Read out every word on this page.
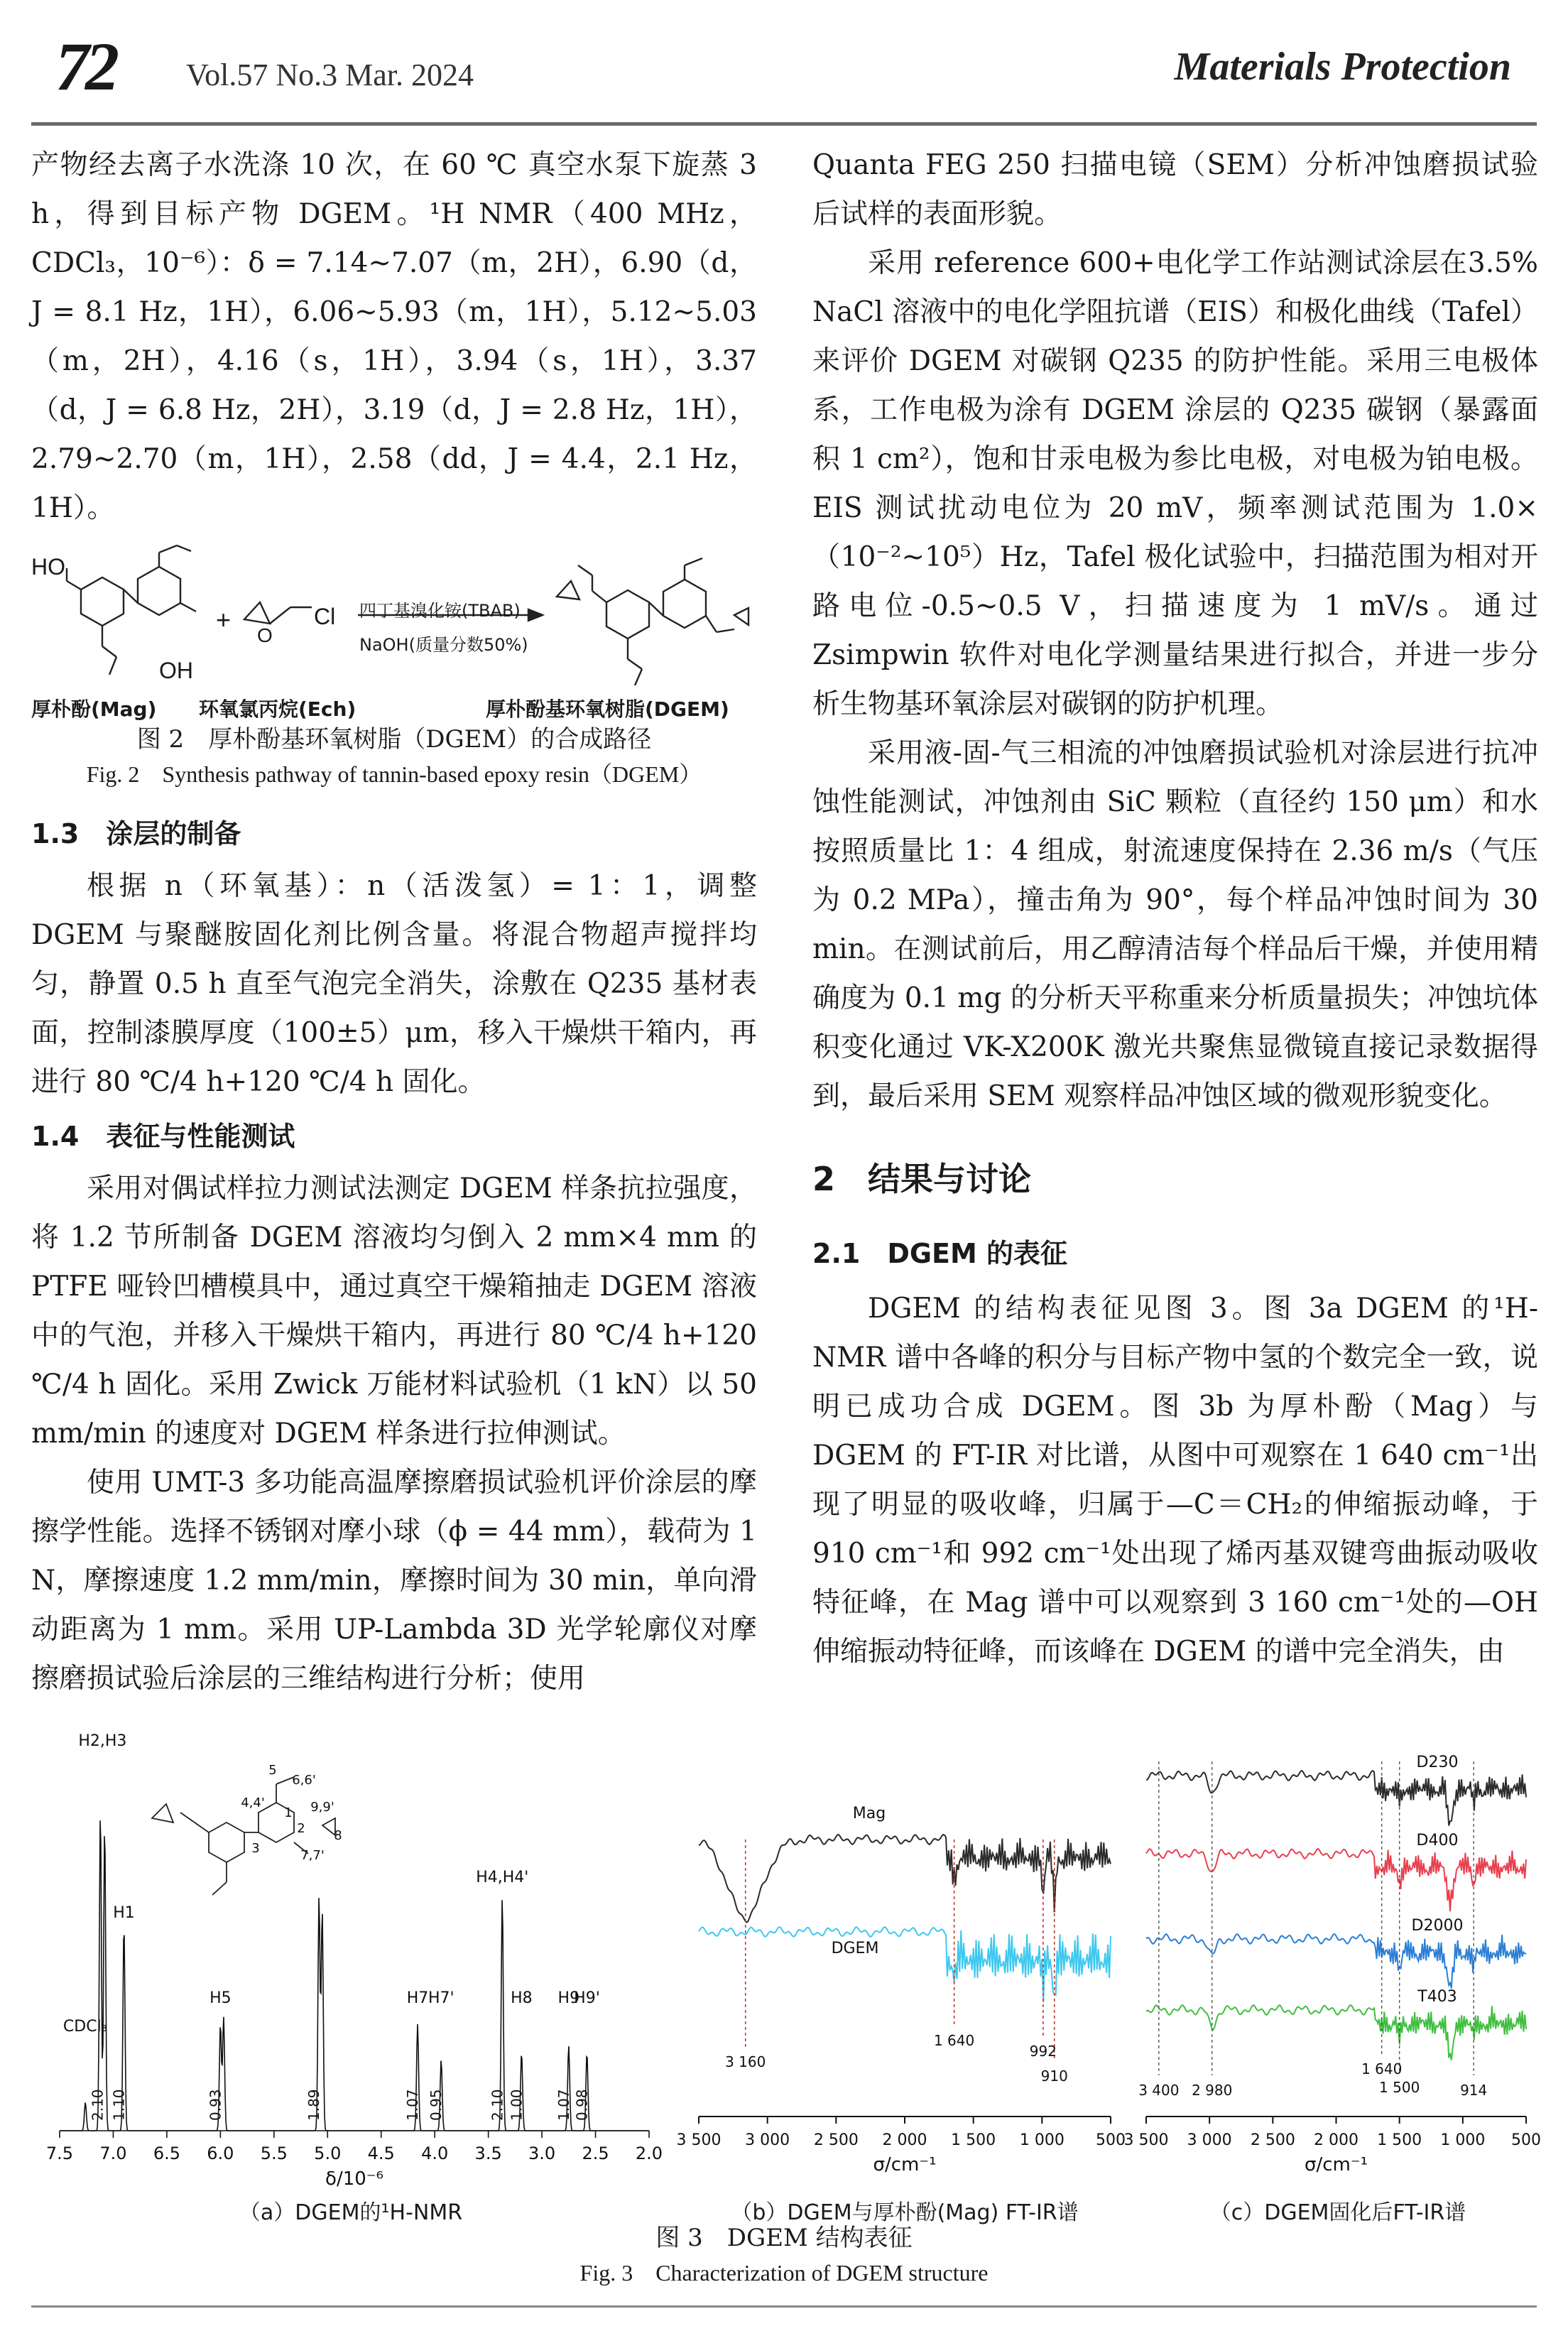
72 Vol.57 No.3 Mar. 2024	Materials Protection

产物经去离子水洗涤 10 次，在 60 ℃ 真空水泵下旋蒸 3 h，得到目标产物 DGEM。¹H NMR（400 MHz，CDCl₃，10⁻⁶）：δ = 7.14~7.07（m，2H），6.90（d，J = 8.1 Hz，1H），6.06~5.93（m，1H），5.12~5.03（m，2H），4.16（s，1H），3.94（s，1H），3.37（d，J = 6.8 Hz，2H），3.19（d，J = 2.8 Hz，1H），2.79~2.70（m，1H），2.58（dd，J = 4.4，2.1 Hz，1H）。

HO
OH
+
O
Cl 四丁基溴化铵(TBAB)
NaOH(质量分数50%)
厚朴酚(Mag) 环氧氯丙烷(Ech)	厚朴酚基环氧树脂(DGEM)
图 2　厚朴酚基环氧树脂（DGEM）的合成路径
Fig. 2　Synthesis pathway of tannin-based epoxy resin（DGEM）
1.3　涂层的制备

根据 n（环氧基）：n（活泼氢）= 1：1，调整 DGEM 与聚醚胺固化剂比例含量。将混合物超声搅拌均匀，静置 0.5 h 直至气泡完全消失，涂敷在 Q235 基材表面，控制漆膜厚度（100±5）μm，移入干燥烘干箱内，再进行 80 ℃/4 h+120 ℃/4 h 固化。

1.4　表征与性能测试

采用对偶试样拉力测试法测定 DGEM 样条抗拉强度，将 1.2 节所制备 DGEM 溶液均匀倒入 2 mm×4 mm 的 PTFE 哑铃凹槽模具中，通过真空干燥箱抽走 DGEM 溶液中的气泡，并移入干燥烘干箱内，再进行 80 ℃/4 h+120 ℃/4 h 固化。采用 Zwick 万能材料试验机（1 kN）以 50 mm/min 的速度对 DGEM 样条进行拉伸测试。

使用 UMT-3 多功能高温摩擦磨损试验机评价涂层的摩擦学性能。选择不锈钢对摩小球（ϕ = 44 mm），载荷为 1 N，摩擦速度 1.2 mm/min，摩擦时间为 30 min，单向滑动距离为 1 mm。采用 UP-Lambda 3D 光学轮廓仪对摩擦磨损试验后涂层的三维结构进行分析；使用

Quanta FEG 250 扫描电镜（SEM）分析冲蚀磨损试验后试样的表面形貌。

采用 reference 600+电化学工作站测试涂层在3.5% NaCl 溶液中的电化学阻抗谱（EIS）和极化曲线（Tafel）来评价 DGEM 对碳钢 Q235 的防护性能。采用三电极体系，工作电极为涂有 DGEM 涂层的 Q235 碳钢（暴露面积 1 cm²），饱和甘汞电极为参比电极，对电极为铂电极。EIS 测试扰动电位为 20 mV，频率测试范围为 1.0×（10⁻²~10⁵）Hz，Tafel 极化试验中，扫描范围为相对开路电位-0.5~0.5 V，扫描速度为 1 mV/s。通过 Zsimpwin 软件对电化学测量结果进行拟合，并进一步分析生物基环氧涂层对碳钢的防护机理。

采用液-固-气三相流的冲蚀磨损试验机对涂层进行抗冲蚀性能测试，冲蚀剂由 SiC 颗粒（直径约 150 μm）和水按照质量比 1：4 组成，射流速度保持在 2.36 m/s（气压为 0.2 MPa），撞击角为 90°，每个样品冲蚀时间为 30 min。在测试前后，用乙醇清洁每个样品后干燥，并使用精确度为 0.1 mg 的分析天平称重来分析质量损失；冲蚀坑体积变化通过 VK-X200K 激光共聚焦显微镜直接记录数据得到，最后采用 SEM 观察样品冲蚀区域的微观形貌变化。

2　结果与讨论
2.1　DGEM 的表征

DGEM 的结构表征见图 3。图 3a DGEM 的¹H-NMR 谱中各峰的积分与目标产物中氢的个数完全一致，说明已成功合成 DGEM。图 3b 为厚朴酚（Mag）与 DGEM 的 FT-IR 对比谱，从图中可观察在 1 640 cm⁻¹出现了明显的吸收峰，归属于—C＝CH₂的伸缩振动峰，于 910 cm⁻¹和 992 cm⁻¹处出现了烯丙基双键弯曲振动吸收特征峰，在 Mag 谱中可以观察到 3 160 cm⁻¹处的—OH 伸缩振动特征峰，而该峰在 DGEM 的谱中完全消失，由

7.5 7.0 6.5 6.0 5.5 5.0 4.5 4.0 3.5 3.0 2.5 2.0
δ/10⁻⁶
H2,H3
H1
H5	H7 H7'
H4,H4'
H8 H9
H9'
CDCl₃
2.10 1.10	0.93	1.89	1.07 0.95	2.10 1.00 1.07 0.98
5
6,6'
4,4'
1
2
3
9,9'
8
7,7'
（a）DGEM的¹H-NMR
3 500 3 000 2 500 2 000 1 500 1 000 500
σ/cm⁻¹
Mag
DGEM
3 160
1 640
992
910
（b）DGEM与厚朴酚(Mag) FT-IR谱
D230
D400
D2000
T403
3 500 3 000 2 500 2 000 1 500 1 000 500
σ/cm⁻¹
3 400 2 980
1 640
1 500	914
（c）DGEM固化后FT-IR谱
图 3　DGEM 结构表征
Fig. 3　Characterization of DGEM structure
